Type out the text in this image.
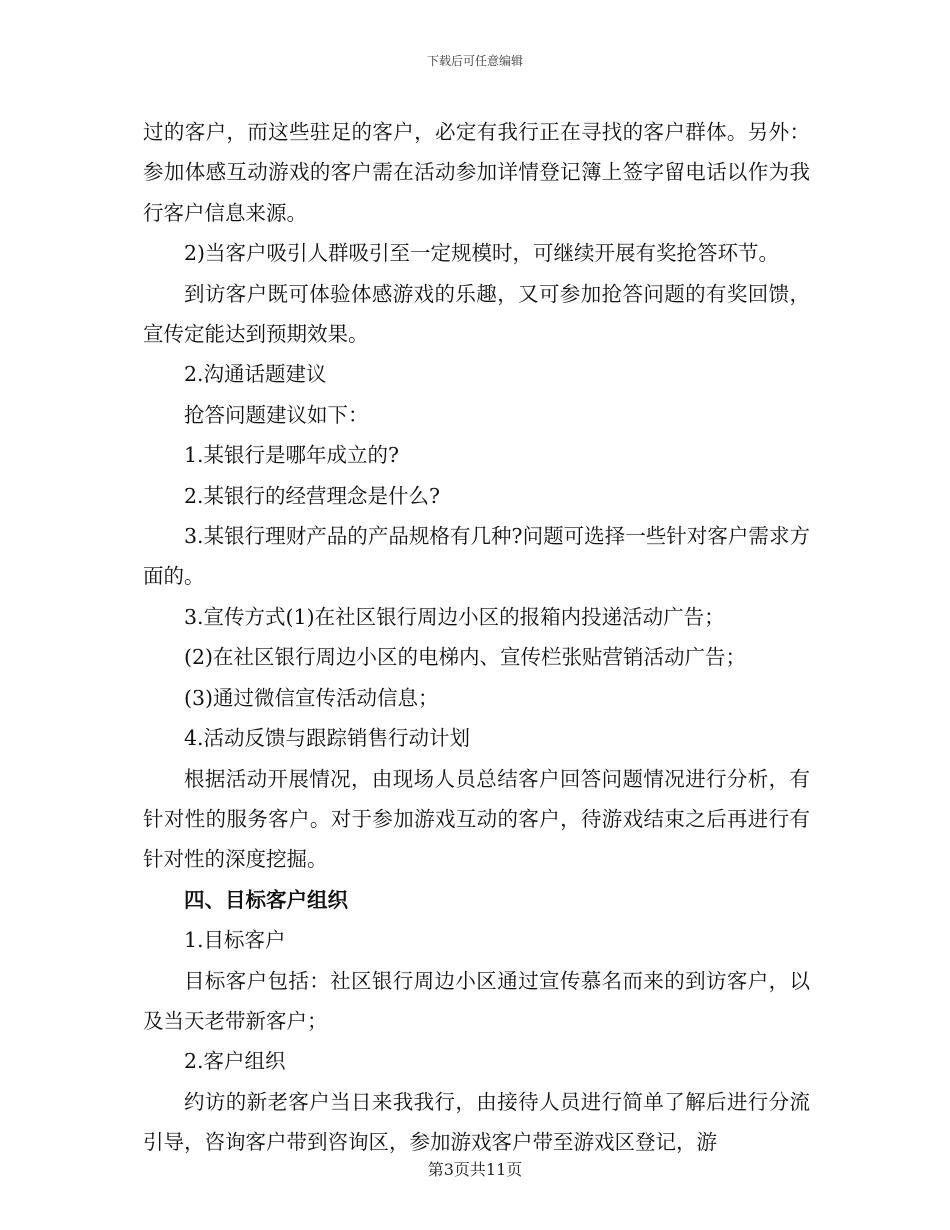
下载后可任意编辑

过的客户，而这些驻足的客户，必定有我行正在寻找的客户群体。另外：参加体感互动游戏的客户需在活动参加详情登记簿上签字留电话以作为我行客户信息来源。

2)当客户吸引人群吸引至一定规模时，可继续开展有奖抢答环节。

到访客户既可体验体感游戏的乐趣，又可参加抢答问题的有奖回馈，宣传定能达到预期效果。

2.沟通话题建议

抢答问题建议如下：

1.某银行是哪年成立的?

2.某银行的经营理念是什么?

3.某银行理财产品的产品规格有几种?问题可选择一些针对客户需求方面的。

3.宣传方式(1)在社区银行周边小区的报箱内投递活动广告；

(2)在社区银行周边小区的电梯内、宣传栏张贴营销活动广告；

(3)通过微信宣传活动信息；

4.活动反馈与跟踪销售行动计划

根据活动开展情况，由现场人员总结客户回答问题情况进行分析，有针对性的服务客户。对于参加游戏互动的客户，待游戏结束之后再进行有针对性的深度挖掘。

四、目标客户组织

1.目标客户

目标客户包括：社区银行周边小区通过宣传慕名而来的到访客户，以及当天老带新客户；

2.客户组织

约访的新老客户当日来我我行，由接待人员进行简单了解后进行分流引导，咨询客户带到咨询区，参加游戏客户带至游戏区登记，游

第3页共11页
